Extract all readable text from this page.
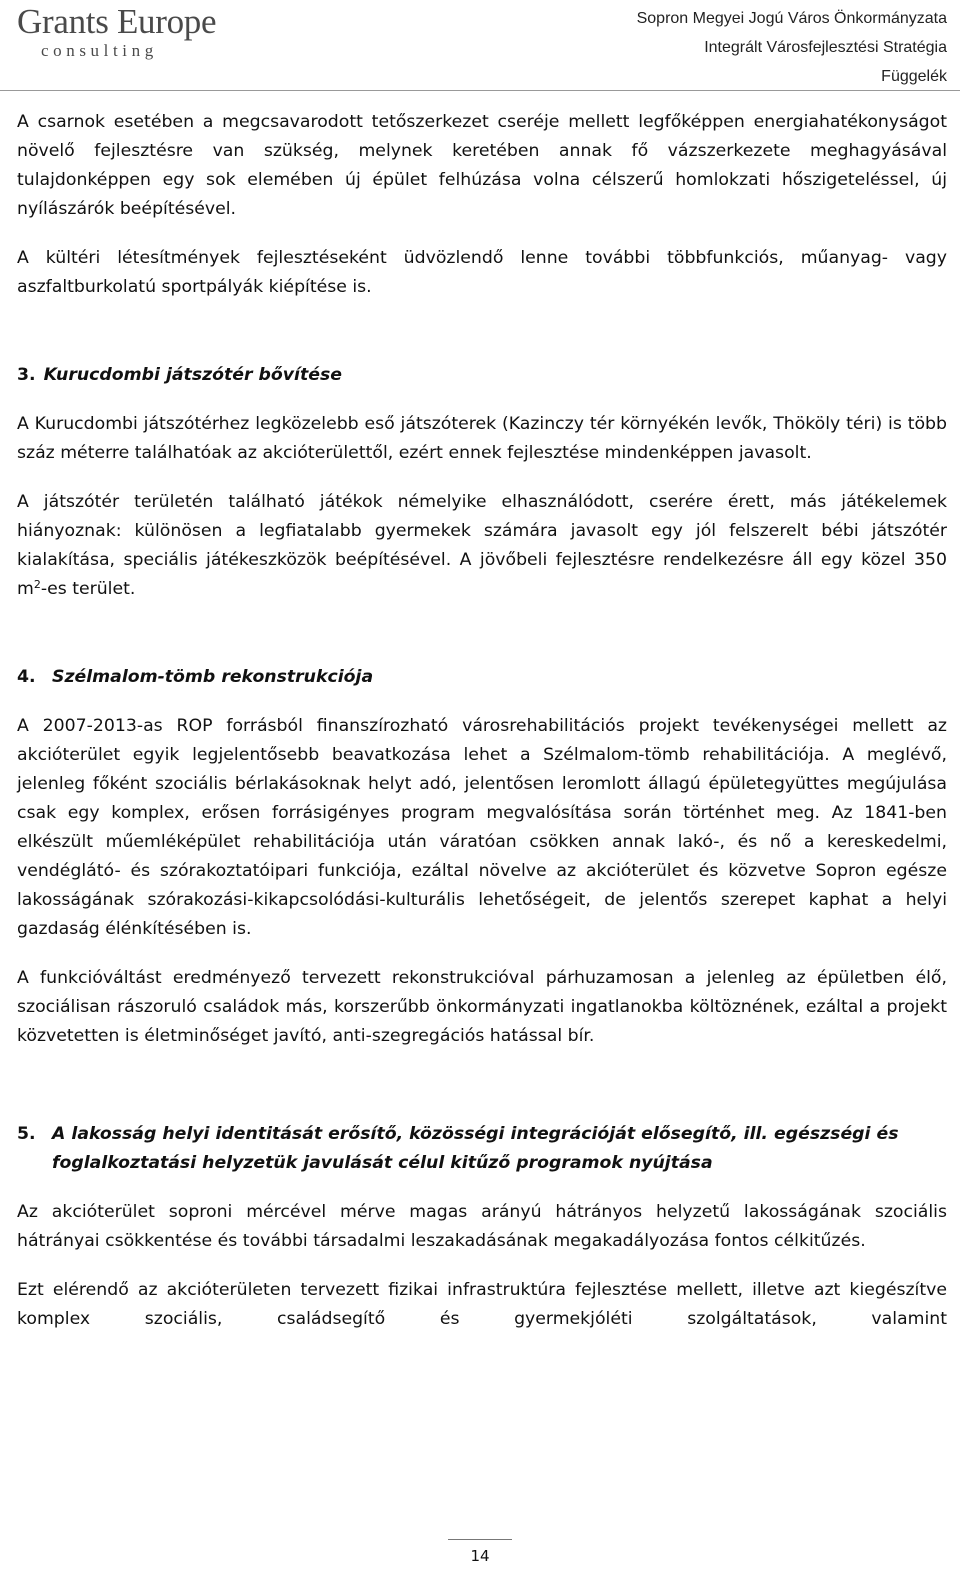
Grants Europe
consulting
Sopron Megyei Jogú Város Önkormányzata
Integrált Városfejlesztési Stratégia
Függelék

A csarnok esetében a megcsavarodott tetőszerkezet cseréje mellett legfőképpen energiahatékonyságot növelő fejlesztésre van szükség, melynek keretében annak fő vázszerkezete meghagyásával tulajdonképpen egy sok elemében új épület felhúzása volna célszerű homlokzati hőszigeteléssel, új nyílászárók beépítésével.

A kültéri létesítmények fejlesztéseként üdvözlendő lenne további többfunkciós, műanyag- vagy aszfaltburkolatú sportpályák kiépítése is.

3. Kurucdombi játszótér bővítése

A Kurucdombi játszótérhez legközelebb eső játszóterek (Kazinczy tér környékén levők, Thököly téri) is több száz méterre találhatóak az akcióterülettől, ezért ennek fejlesztése mindenképpen javasolt.

A játszótér területén található játékok némelyike elhasználódott, cserére érett, más játékelemek hiányoznak: különösen a legfiatalabb gyermekek számára javasolt egy jól felszerelt bébi játszótér kialakítása, speciális játékeszközök beépítésével. A jövőbeli fejlesztésre rendelkezésre áll egy közel 350 $m^2-es$ terület.

4. Szélmalom-tömb rekonstrukciója

A 2007-2013-as ROP forrásból finanszírozható városrehabilitációs projekt tevékenységei mellett az akcióterület egyik legjelentősebb beavatkozása lehet a Szélmalom-tömb rehabilitációja. A meglévő, jelenleg főként szociális bérlakásoknak helyt adó, jelentősen leromlott állagú épületegyüttes megújulása csak egy komplex, erősen forrásigényes program megvalósítása során történhet meg. Az 1841-ben elkészült műemléképület rehabilitációja után váratóan csökken annak lakó-, és nő a kereskedelmi, vendéglátó- és szórakoztatóipari funkciója, ezáltal növelve az akcióterület és közvetve Sopron egésze lakosságának szórakozási-kikapcsolódási-kulturális lehetőségeit, de jelentős szerepet kaphat a helyi gazdaság élénkítésében is.

A funkcióváltást eredményező tervezett rekonstrukcióval párhuzamosan a jelenleg az épületben élő, szociálisan rászoruló családok más, korszerűbb önkormányzati ingatlanokba költöznének, ezáltal a projekt közvetetten is életminőséget javító, anti-szegregációs hatással bír.

5. A lakosság helyi identitását erősítő, közösségi integrációját elősegítő, ill. egészségi és foglalkoztatási helyzetük javulását célul kitűző programok nyújtása

Az akcióterület soproni mércével mérve magas arányú hátrányos helyzetű lakosságának szociális hátrányai csökkentése és további társadalmi leszakadásának megakadályozása fontos célkitűzés.

Ezt elérendő az akcióterületen tervezett fizikai infrastruktúra fejlesztése mellett, illetve azt kiegészítve komplex szociális, családsegítő és gyermekjóléti szolgáltatások, valamint

14
